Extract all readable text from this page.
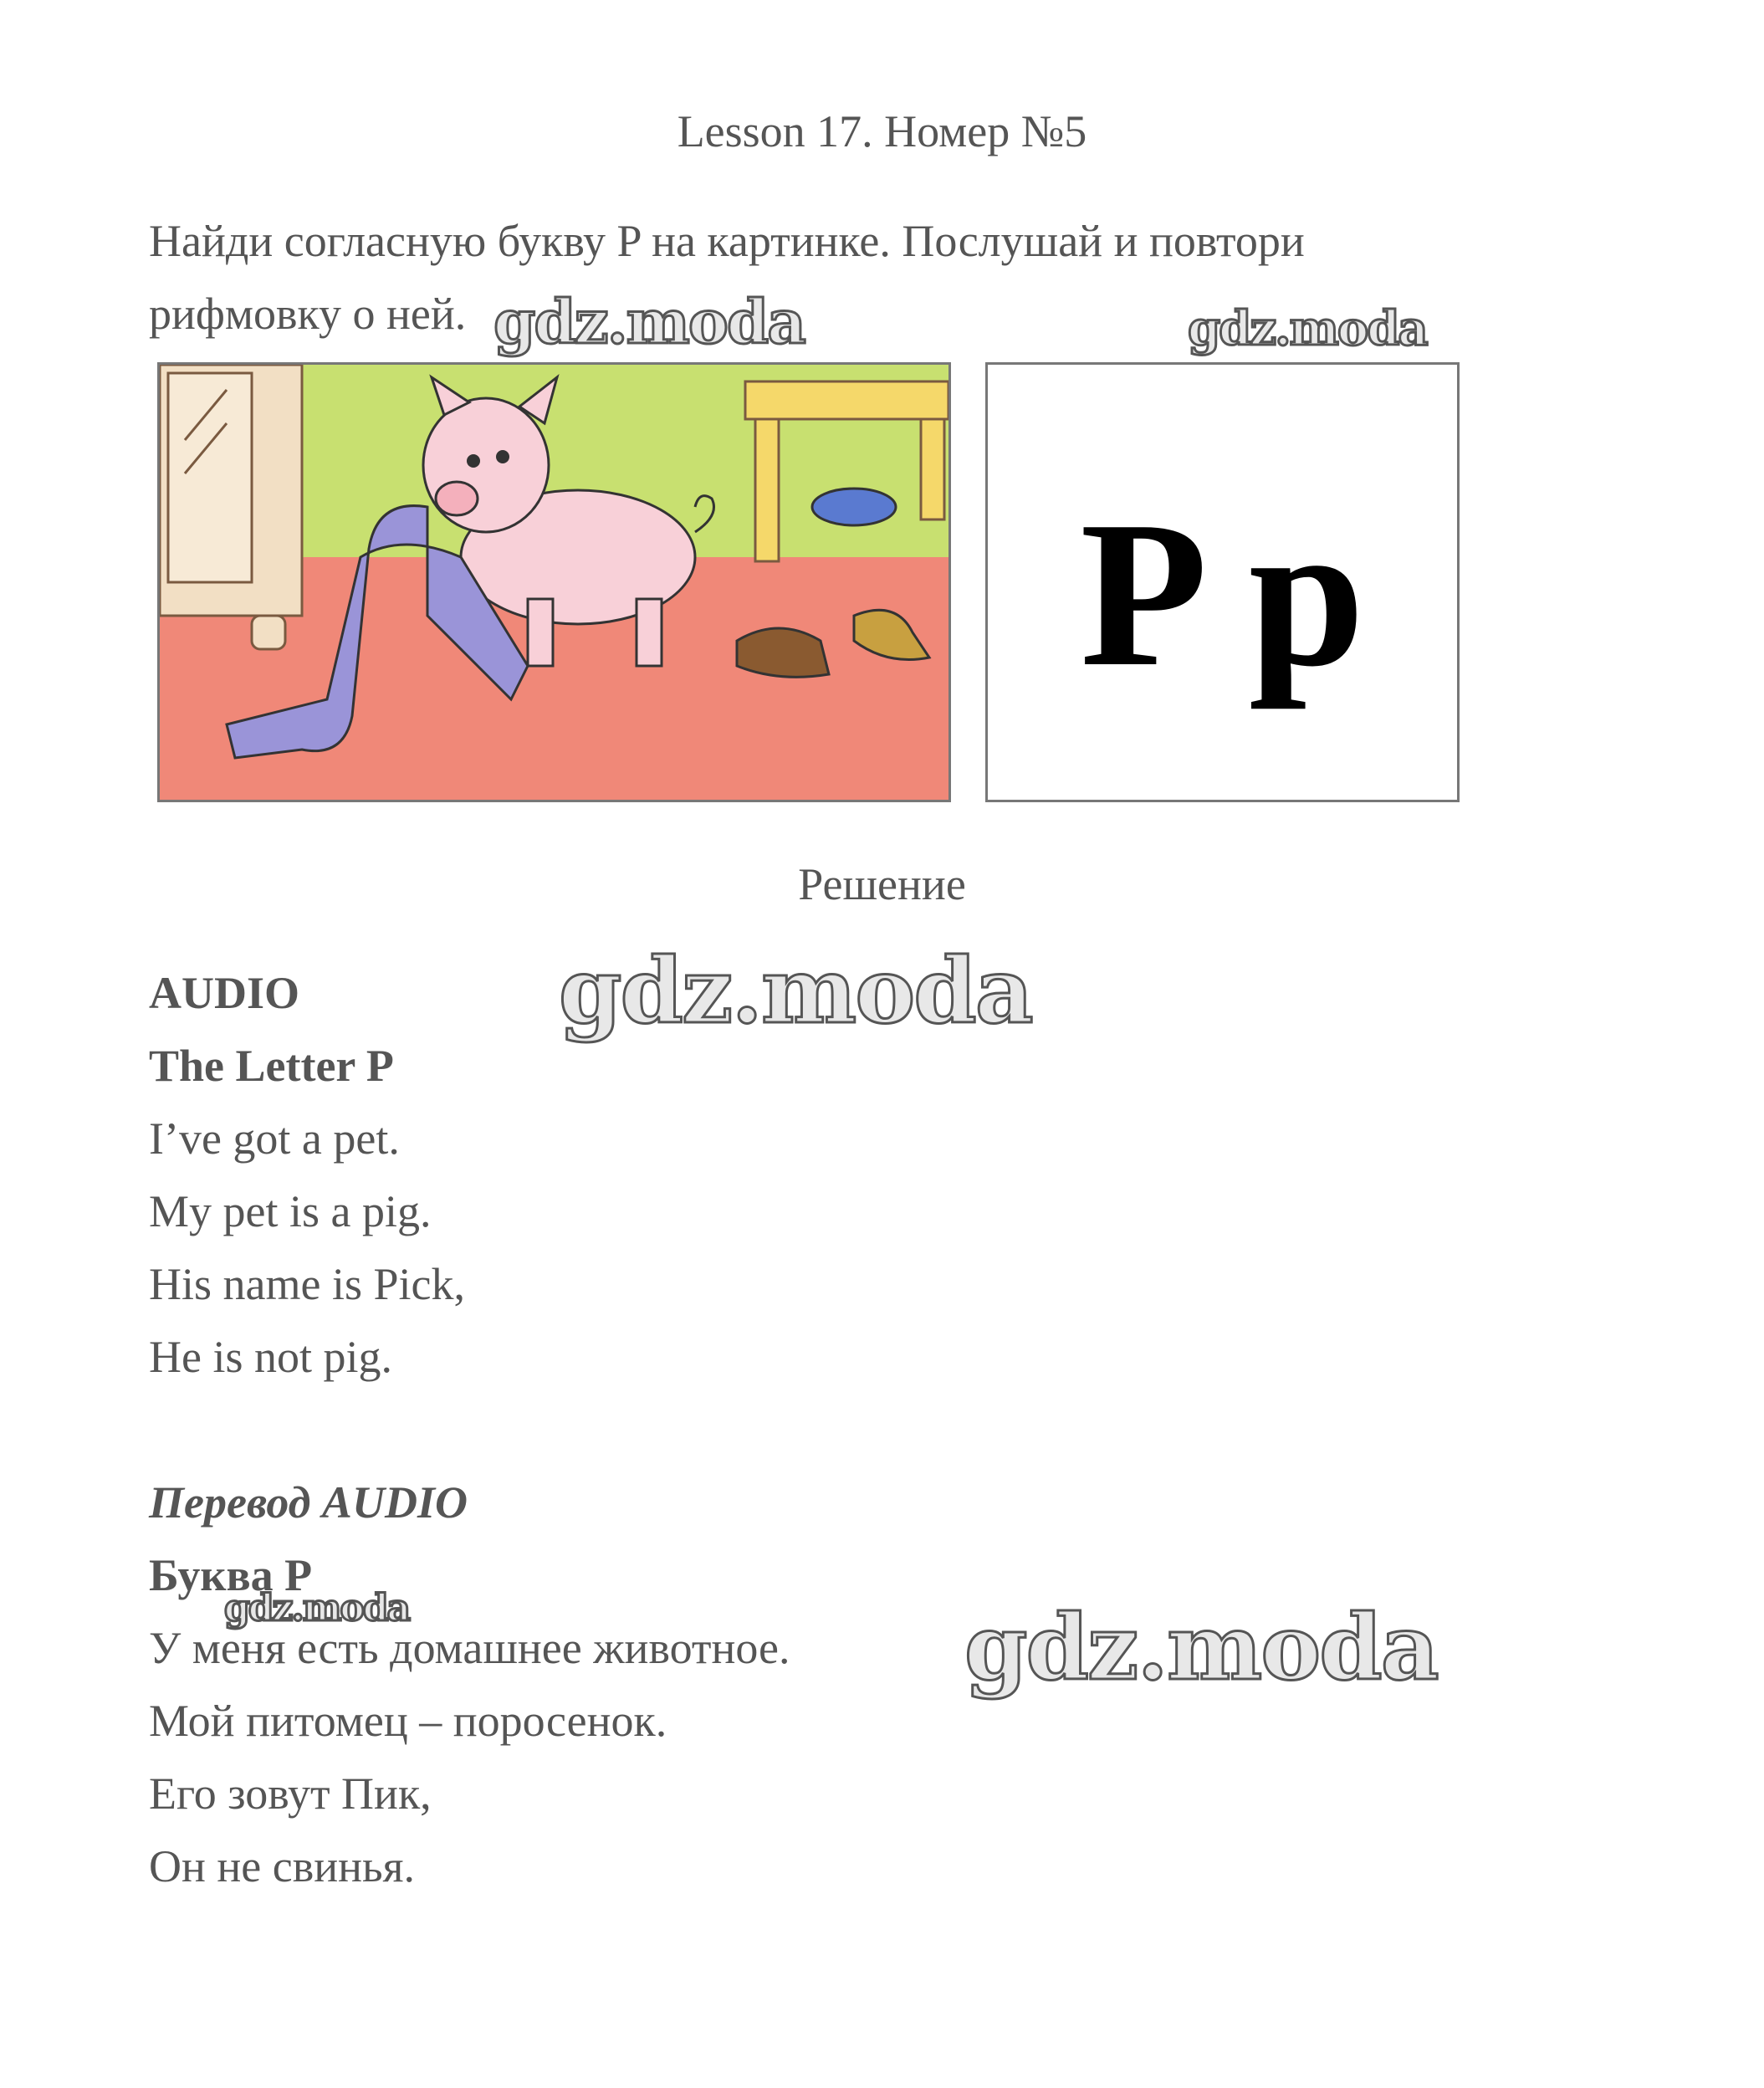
Lesson 17. Номер №5
Найди согласную букву P на картинке. Послушай и повтори
рифмовку о ней.
P p
Решение
AUDIO
The Letter P
I’ve got a pet.
My pet is a pig.
His name is Pick,
He is not pig.
Перевод AUDIO
Буква P
У меня есть домашнее животное.
Мой питомец – поросенок.
Его зовут Пик,
Он не свинья.
gdz.moda	gdz.moda
gdz.moda
gdz.moda	gdz.moda
